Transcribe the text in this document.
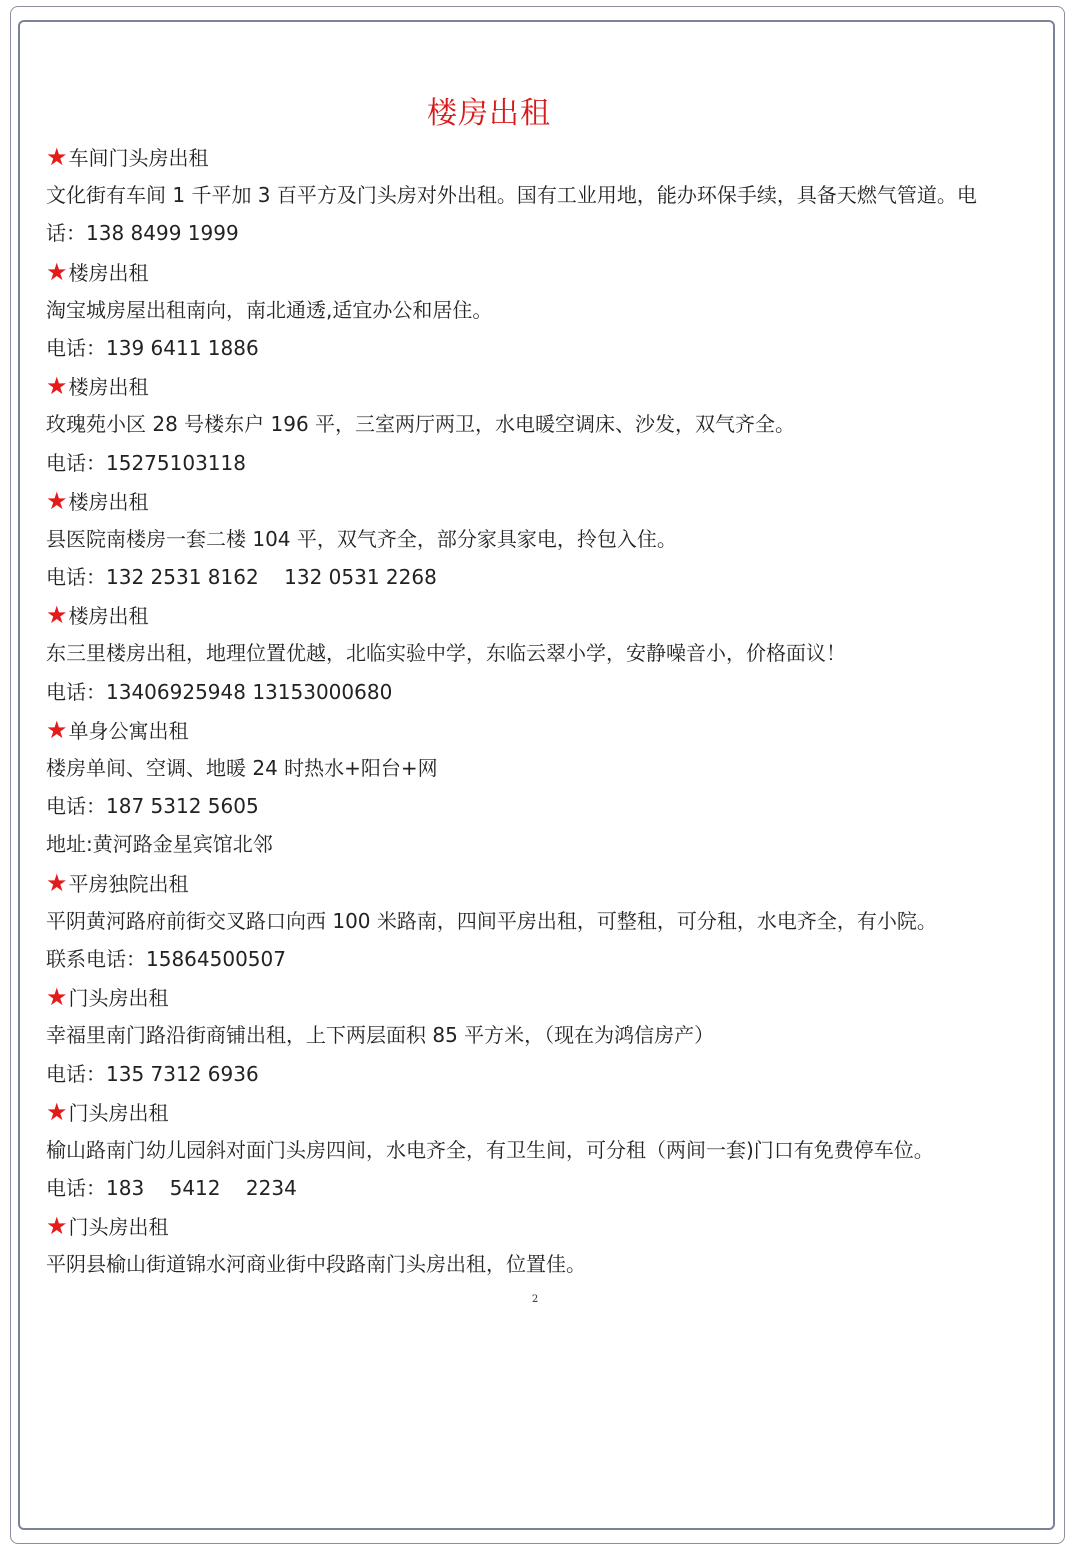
楼房出租
★车间门头房出租
文化街有车间 1 千平加 3 百平方及门头房对外出租。国有工业用地，能办环保手续，具备天燃气管道。电
话：138 8499 1999
★楼房出租
淘宝城房屋出租南向，南北通透,适宜办公和居住。
电话：139 6411 1886
★楼房出租
玫瑰苑小区 28 号楼东户 196 平，三室两厅两卫，水电暖空调床、沙发，双气齐全。
电话：15275103118
★楼房出租
县医院南楼房一套二楼 104 平，双气齐全，部分家具家电，拎包入住。
电话：132 2531 8162    132 0531 2268
★楼房出租
东三里楼房出租，地理位置优越，北临实验中学，东临云翠小学，安静噪音小，价格面议！
电话：13406925948 13153000680
★单身公寓出租
楼房单间、空调、地暖 24 时热水+阳台+网
电话：187 5312 5605
地址:黄河路金星宾馆北邻
★平房独院出租
平阴黄河路府前街交叉路口向西 100 米路南，四间平房出租，可整租，可分租，水电齐全，有小院。
联系电话：15864500507
★门头房出租
幸福里南门路沿街商铺出租，上下两层面积 85 平方米，（现在为鸿信房产）
电话：135 7312 6936
★门头房出租
榆山路南门幼儿园斜对面门头房四间，水电齐全，有卫生间，可分租（两间一套)门口有免费停车位。
电话：183    5412    2234
★门头房出租
平阴县榆山街道锦水河商业街中段路南门头房出租，位置佳。
2
